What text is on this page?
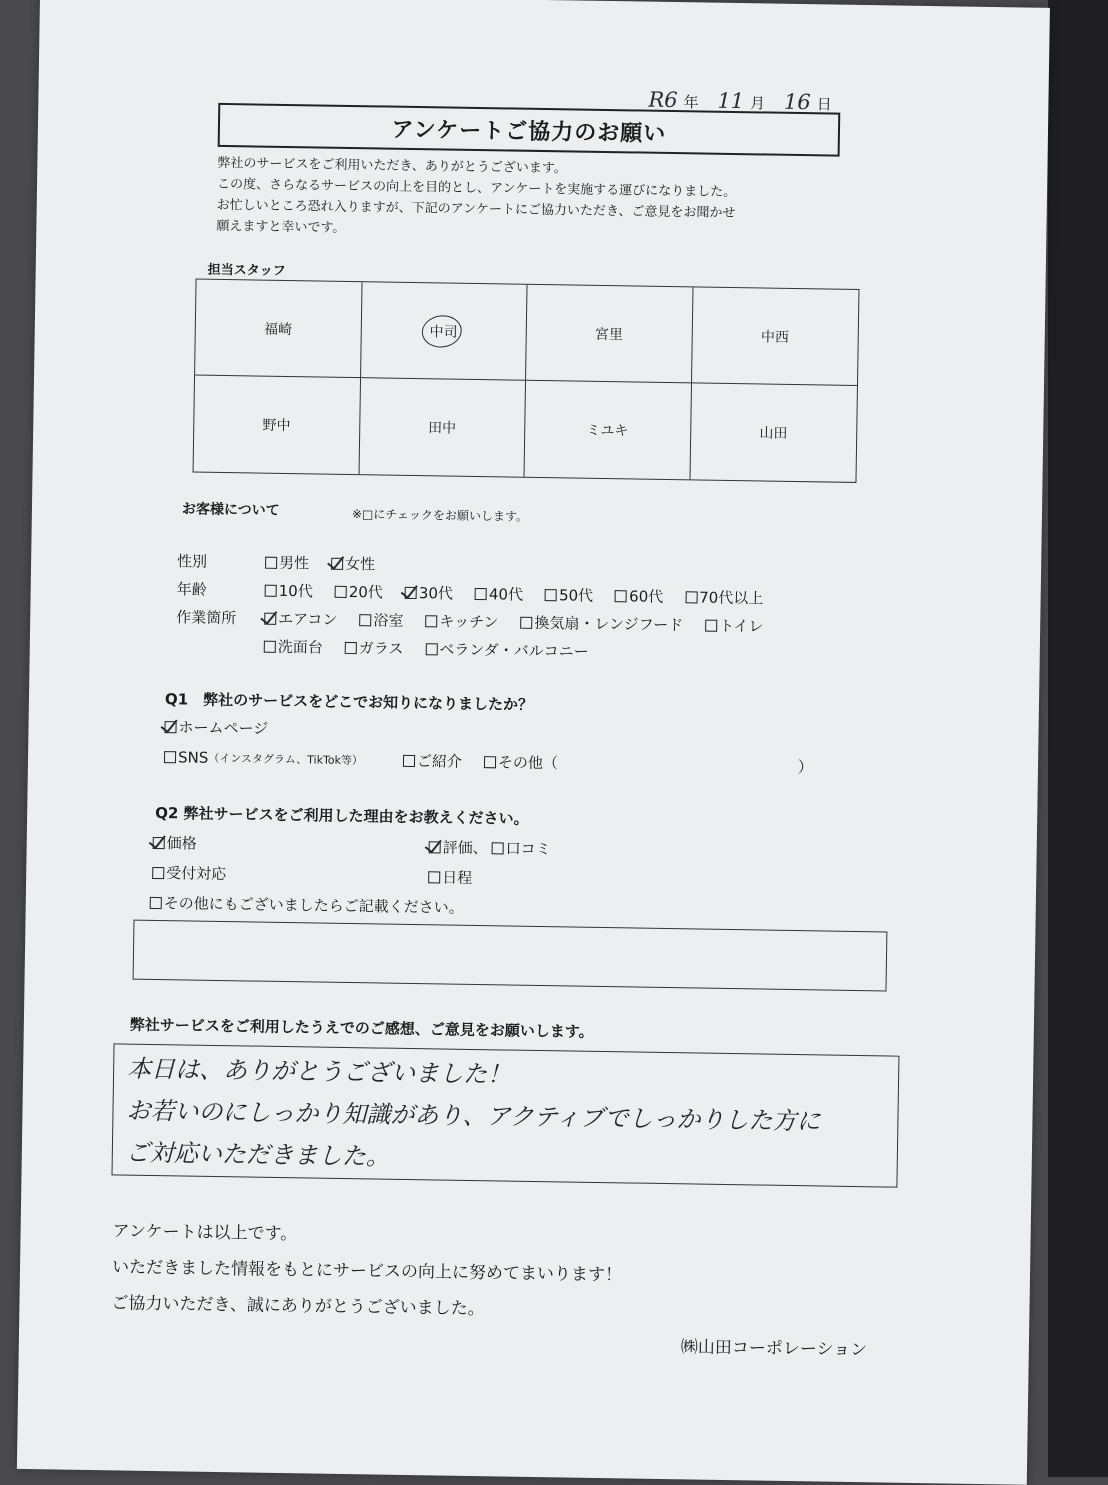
R6 年 11 月 16 日
アンケートご協力のお願い
弊社のサービスをご利用いただき、ありがとうございます。
この度、さらなるサービスの向上を目的とし、アンケートを実施する運びになりました。
お忙しいところ恐れ入りますが、下記のアンケートにご協力いただき、ご意見をお聞かせ
願えますと幸いです。
担当スタッフ
福崎	中司	宮里	中西
野中	田中	ミユキ	山田
お客様について	※□にチェックをお願いします。
性別	男性 女性
年齢	10代 20代 30代 40代 50代 60代 70代以上
作業箇所	エアコン 浴室 キッチン 換気扇・レンジフード トイレ
洗面台 ガラス ベランダ・バルコニー
Q1　弊社のサービスをどこでお知りになりましたか？
ホームページ
SNS （インスタグラム、TikTok等）	ご紹介 その他（	）
Q2 弊社サービスをご利用した理由をお教えください。
価格	評価、 口コミ
受付対応	日程
その他にもございましたらご記載ください。
弊社サービスをご利用したうえでのご感想、ご意見をお願いします。
本日は、ありがとうございました！
お若いのにしっかり知識があり、アクティブでしっかりした方に
ご対応いただきました。
アンケートは以上です。
いただきました情報をもとにサービスの向上に努めてまいります！
ご協力いただき、誠にありがとうございました。
㈱山田コーポレーション
